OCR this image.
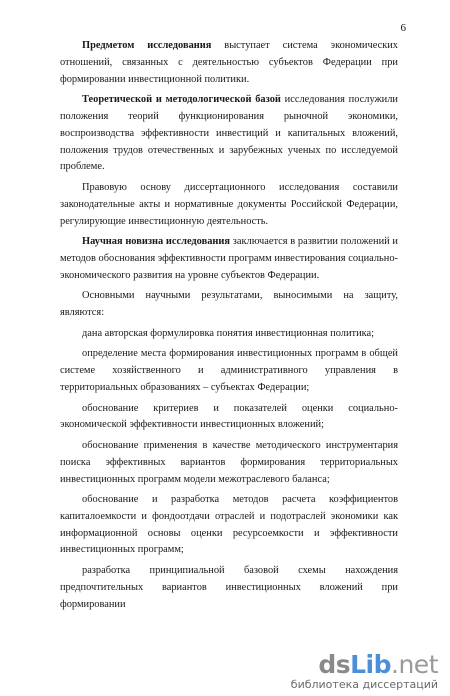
6

Предметом исследования выступает система экономических отношений, связанных с деятельностью субъектов Федерации при формировании инвестиционной политики.

Теоретической и методологической базой исследования послужили положения теорий функционирования рыночной экономики, воспроизводства эффективности инвестиций и капитальных вложений, положения трудов отечественных и зарубежных ученых по исследуемой проблеме.

Правовую основу диссертационного исследования составили законодательные акты и нормативные документы Российской Федерации, регулирующие инвестиционную деятельность.

Научная новизна исследования заключается в развитии положений и методов обоснования эффективности программ инвестирования социально-экономического развития на уровне субъектов Федерации.

Основными научными результатами, выносимыми на защиту, являются:

дана авторская формулировка понятия инвестиционная политика;

определение места формирования инвестиционных программ в общей системе хозяйственного и административного управления в территориальных образованиях – субъектах Федерации;

обоснование критериев и показателей оценки социально-экономической эффективности инвестиционных вложений;

обоснование применения в качестве методического инструментария поиска эффективных вариантов формирования территориальных инвестиционных программ модели межотраслевого баланса;

обоснование и разработка методов расчета коэффициентов капиталоемкости и фондоотдачи отраслей и подотраслей экономики как информационной основы оценки ресурсоемкости и эффективности инвестиционных программ;

разработка принципиальной базовой схемы нахождения предпочтительных вариантов инвестиционных вложений при формировании

dsLib.net
библиотека диссертаций
